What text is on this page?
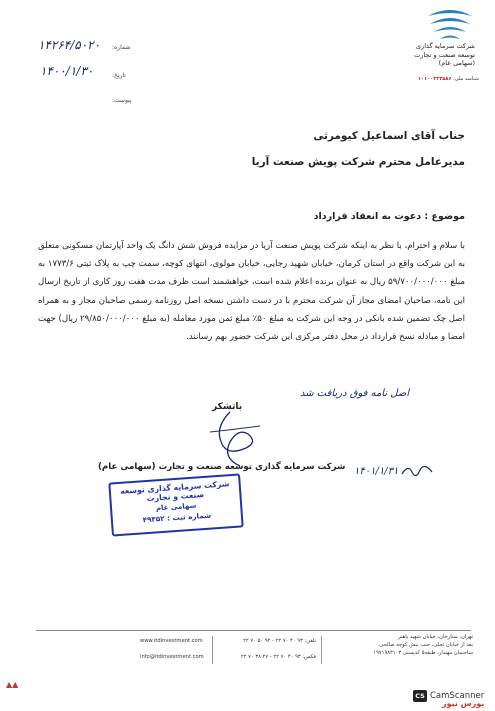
شرکت سرمایه گذاری
توسعه صنعت و تجارت
(سهامی عام)
شناسه ملی: ۱۰۱۰۰۳۲۳۵۸۶
شماره:
۱۴۲۶۴/۵۰۲۰
تاریخ:
۱۴۰۰/۱/۳۰
پیوست:
جناب آقای اسماعیل کیومرثی
مدیرعامل محترم شرکت پویش صنعت آریا
موضوع : دعوت به انعقاد قرارداد
با سلام و احترام، با نظر به اینکه شرکت پویش صنعت آریا در مزایده فروش شش دانگ یک واحد آپارتمان مسکونی متعلق به این شرکت واقع در استان کرمان، خیابان شهید رجایی، خیابان مولوی، انتهای کوچه، سمت چپ به پلاک ثبتی ۱۷۷۳/۶ به مبلغ ۵۹/۷۰۰/۰۰۰/۰۰۰ ریال به عنوان برنده اعلام شده است، خواهشمند است ظرف مدت هفت روز کاری از تاریخ ارسال این نامه، صاحبان امضای مجاز آن شرکت محترم با در دست داشتن نسخه اصل روزنامه رسمی صاحبان مجاز و به همراه اصل چک تضمین شده بانکی در وجه این شرکت به مبلغ ۵۰٪ مبلغ ثمن مورد معامله (به مبلغ ۲۹/۸۵۰/۰۰۰/۰۰۰ ریال) جهت امضا و مبادله نسخ قرارداد در محل دفتر مرکزی این شرکت حضور بهم رسانند.
اصل نامه فوق دریافت شد
۱۴۰۱/۱/۳۱
باتشکر
شرکت سرمایه گذاری توسعه صنعت و تجارت (سهامی عام)
شرکت سرمایه گذاری توسعه صنعت و تجارت
سهامی عام
شماره ثبت : ۴۹۳۵۲
تهران، ستارخان، خیابان شهید باهنر
بعد از خیابان تجلی، جنب نبش کوچه صالحی
ساختمان مهتدار، طبقه۵ کدپستی ۱۹۷۱۹۸۳۱۰۳
تلفن: ۹۳ ۴۰ ۷۰ ۲۲ - ۹۲ ۵۰ ۷۰ ۲۲
فکس: ۹۳ ۴۰ ۷۰ ۲۲ - ۲۷ ۳۸ ۷۰ ۲۲
www.itdinvestment.com
info@itdinvestment.com
▲▲
CS CamScanner
بورس نیوز
